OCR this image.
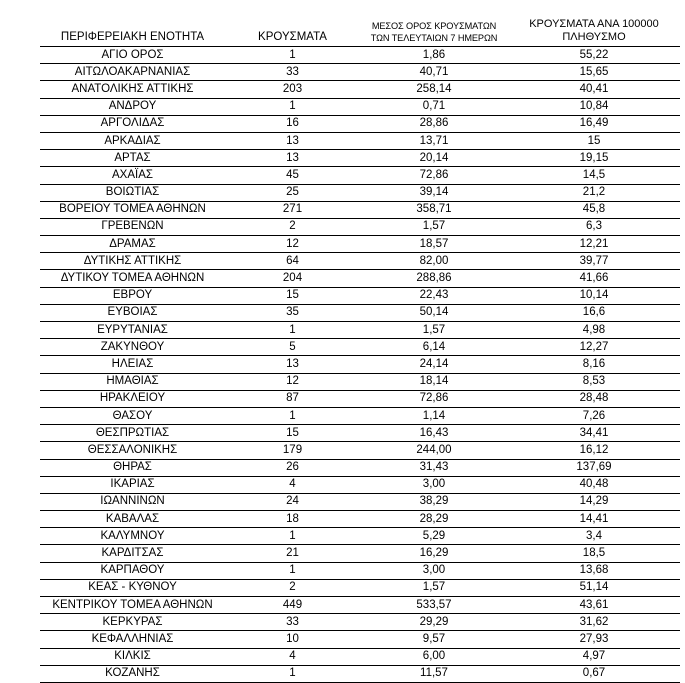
ΠΕΡΙΦΕΡΕΙΑΚΗ ΕΝΟΤΗΤΑ	ΚΡΟΥΣΜΑΤΑ	ΜΕΣΟΣ ΟΡΟΣ ΚΡΟΥΣΜΑΤΩΝ
ΤΩΝ ΤΕΛΕΥΤΑΙΩΝ 7 ΗΜΕΡΩΝ	ΚΡΟΥΣΜΑΤΑ ΑΝΑ 100000
ΠΛΗΘΥΣΜΟ
ΑΓΙΟ ΟΡΟΣ	1	1,86	55,22
ΑΙΤΩΛΟΑΚΑΡΝΑΝΙΑΣ	33	40,71	15,65
ΑΝΑΤΟΛΙΚΗΣ ΑΤΤΙΚΗΣ	203	258,14	40,41
ΑΝΔΡΟΥ	1	0,71	10,84
ΑΡΓΟΛΙΔΑΣ	16	28,86	16,49
ΑΡΚΑΔΙΑΣ	13	13,71	15
ΑΡΤΑΣ	13	20,14	19,15
ΑΧΑΪΑΣ	45	72,86	14,5
ΒΟΙΩΤΙΑΣ	25	39,14	21,2
ΒΟΡΕΙΟΥ ΤΟΜΕΑ ΑΘΗΝΩΝ	271	358,71	45,8
ΓΡΕΒΕΝΩΝ	2	1,57	6,3
ΔΡΑΜΑΣ	12	18,57	12,21
ΔΥΤΙΚΗΣ ΑΤΤΙΚΗΣ	64	82,00	39,77
ΔΥΤΙΚΟΥ ΤΟΜΕΑ ΑΘΗΝΩΝ	204	288,86	41,66
ΕΒΡΟΥ	15	22,43	10,14
ΕΥΒΟΙΑΣ	35	50,14	16,6
ΕΥΡΥΤΑΝΙΑΣ	1	1,57	4,98
ΖΑΚΥΝΘΟΥ	5	6,14	12,27
ΗΛΕΙΑΣ	13	24,14	8,16
ΗΜΑΘΙΑΣ	12	18,14	8,53
ΗΡΑΚΛΕΙΟΥ	87	72,86	28,48
ΘΑΣΟΥ	1	1,14	7,26
ΘΕΣΠΡΩΤΙΑΣ	15	16,43	34,41
ΘΕΣΣΑΛΟΝΙΚΗΣ	179	244,00	16,12
ΘΗΡΑΣ	26	31,43	137,69
ΙΚΑΡΙΑΣ	4	3,00	40,48
ΙΩΑΝΝΙΝΩΝ	24	38,29	14,29
ΚΑΒΑΛΑΣ	18	28,29	14,41
ΚΑΛΥΜΝΟΥ	1	5,29	3,4
ΚΑΡΔΙΤΣΑΣ	21	16,29	18,5
ΚΑΡΠΑΘΟΥ	1	3,00	13,68
ΚΕΑΣ - ΚΥΘΝΟΥ	2	1,57	51,14
ΚΕΝΤΡΙΚΟΥ ΤΟΜΕΑ ΑΘΗΝΩΝ	449	533,57	43,61
ΚΕΡΚΥΡΑΣ	33	29,29	31,62
ΚΕΦΑΛΛΗΝΙΑΣ	10	9,57	27,93
ΚΙΛΚΙΣ	4	6,00	4,97
ΚΟΖΑΝΗΣ	1	11,57	0,67
